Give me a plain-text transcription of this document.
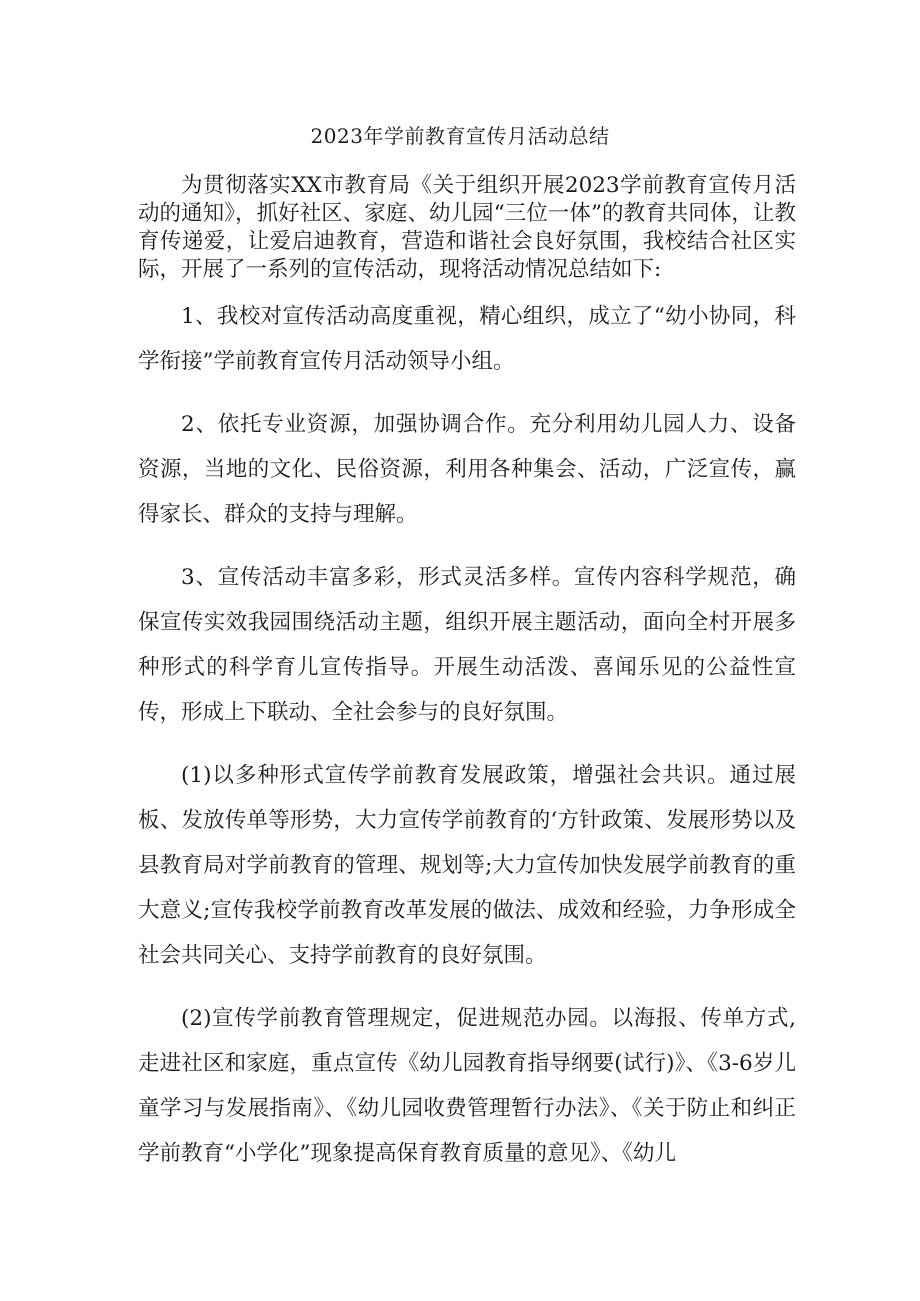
2023年学前教育宣传月活动总结

为贯彻落实XX市教育局《关于组织开展2023学前教育宣传月活动的通知》，抓好社区、家庭、幼儿园“三位一体”的教育共同体，让教育传递爱，让爱启迪教育，营造和谐社会良好氛围，我校结合社区实际，开展了一系列的宣传活动，现将活动情况总结如下:

1、我校对宣传活动高度重视，精心组织，成立了“幼小协同，科学衔接”学前教育宣传月活动领导小组。

2、依托专业资源，加强协调合作。充分利用幼儿园人力、设备资源，当地的文化、民俗资源，利用各种集会、活动，广泛宣传，赢得家长、群众的支持与理解。

3、宣传活动丰富多彩，形式灵活多样。宣传内容科学规范，确保宣传实效我园围绕活动主题，组织开展主题活动，面向全村开展多种形式的科学育儿宣传指导。开展生动活泼、喜闻乐见的公益性宣传，形成上下联动、全社会参与的良好氛围。

(1)以多种形式宣传学前教育发展政策，增强社会共识。通过展板、发放传单等形势，大力宣传学前教育的‘方针政策、发展形势以及县教育局对学前教育的管理、规划等;大力宣传加快发展学前教育的重大意义;宣传我校学前教育改革发展的做法、成效和经验，力争形成全社会共同关心、支持学前教育的良好氛围。

(2)宣传学前教育管理规定，促进规范办园。以海报、传单方式,走进社区和家庭，重点宣传《幼儿园教育指导纲要(试行)》、《3-6岁儿童学习与发展指南》、《幼儿园收费管理暂行办法》、《关于防止和纠正学前教育“小学化”现象提高保育教育质量的意见》、《幼儿
